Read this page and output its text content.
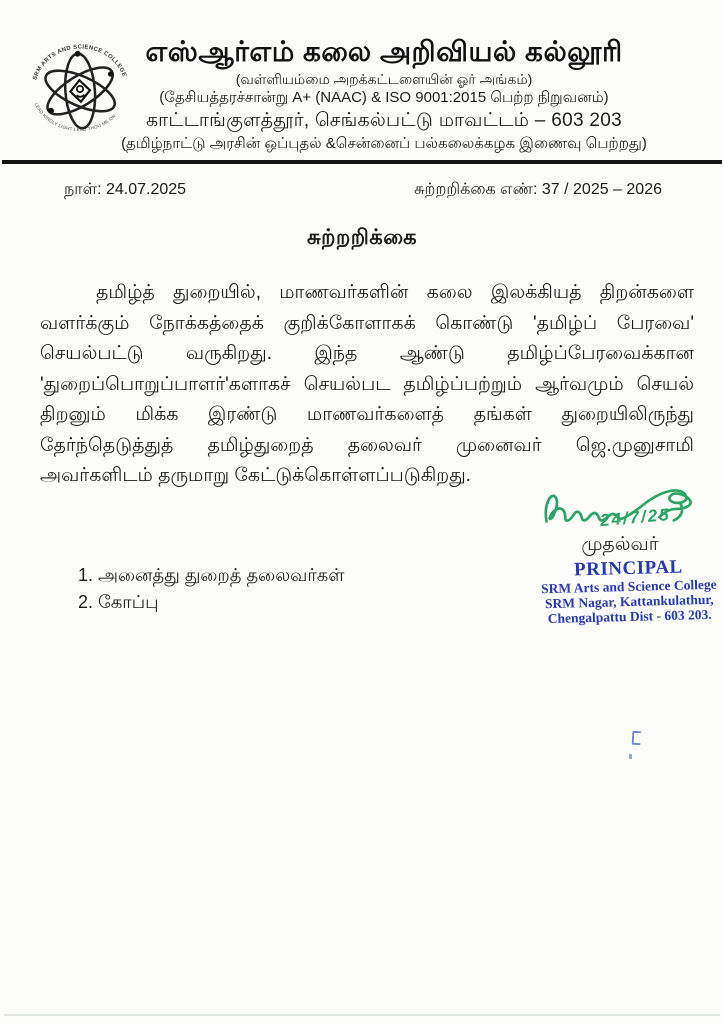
SRM ARTS AND SCIENCE COLLEGE
LEAD KINDLY LIGHT LEAD THOU ME ON
எஸ்ஆர்எம் கலை அறிவியல் கல்லூரி
(வள்ளியம்மை அறக்கட்டளையின் ஓர் அங்கம்)
(தேசியத்தரச்சான்று A+ (NAAC) & ISO 9001:2015 பெற்ற நிறுவனம்)
காட்டாங்குளத்தூர், செங்கல்பட்டு மாவட்டம் – 603 203
(தமிழ்நாட்டு அரசின் ஒப்புதல் &சென்னைப் பல்கலைக்கழக இணைவு பெற்றது)
நாள்: 24.07.2025	சுற்றறிக்கை எண்: 37 / 2025 – 2026
சுற்றறிக்கை
தமிழ்த் துறையில், மாணவர்களின் கலை இலக்கியத் திறன்களை
வளர்க்கும் நோக்கத்தைக் குறிக்கோளாகக் கொண்டு 'தமிழ்ப் பேரவை'
செயல்பட்டு வருகிறது. இந்த ஆண்டு தமிழ்ப்பேரவைக்கான
'துறைப்பொறுப்பாளர்'களாகச் செயல்பட தமிழ்ப்பற்றும் ஆர்வமும் செயல்
திறனும் மிக்க இரண்டு மாணவர்களைத் தங்கள் துறையிலிருந்து
தேர்ந்தெடுத்துத் தமிழ்துறைத் தலைவர் முனைவர் ஜெ.முனுசாமி
அவர்களிடம் தருமாறு கேட்டுக்கொள்ளப்படுகிறது.
24/7/25
முதல்வர்
PRINCIPAL
SRM Arts and Science College
SRM Nagar, Kattankulathur,
Chengalpattu Dist - 603 203.
1. அனைத்து துறைத் தலைவர்கள்
2. கோப்பு
